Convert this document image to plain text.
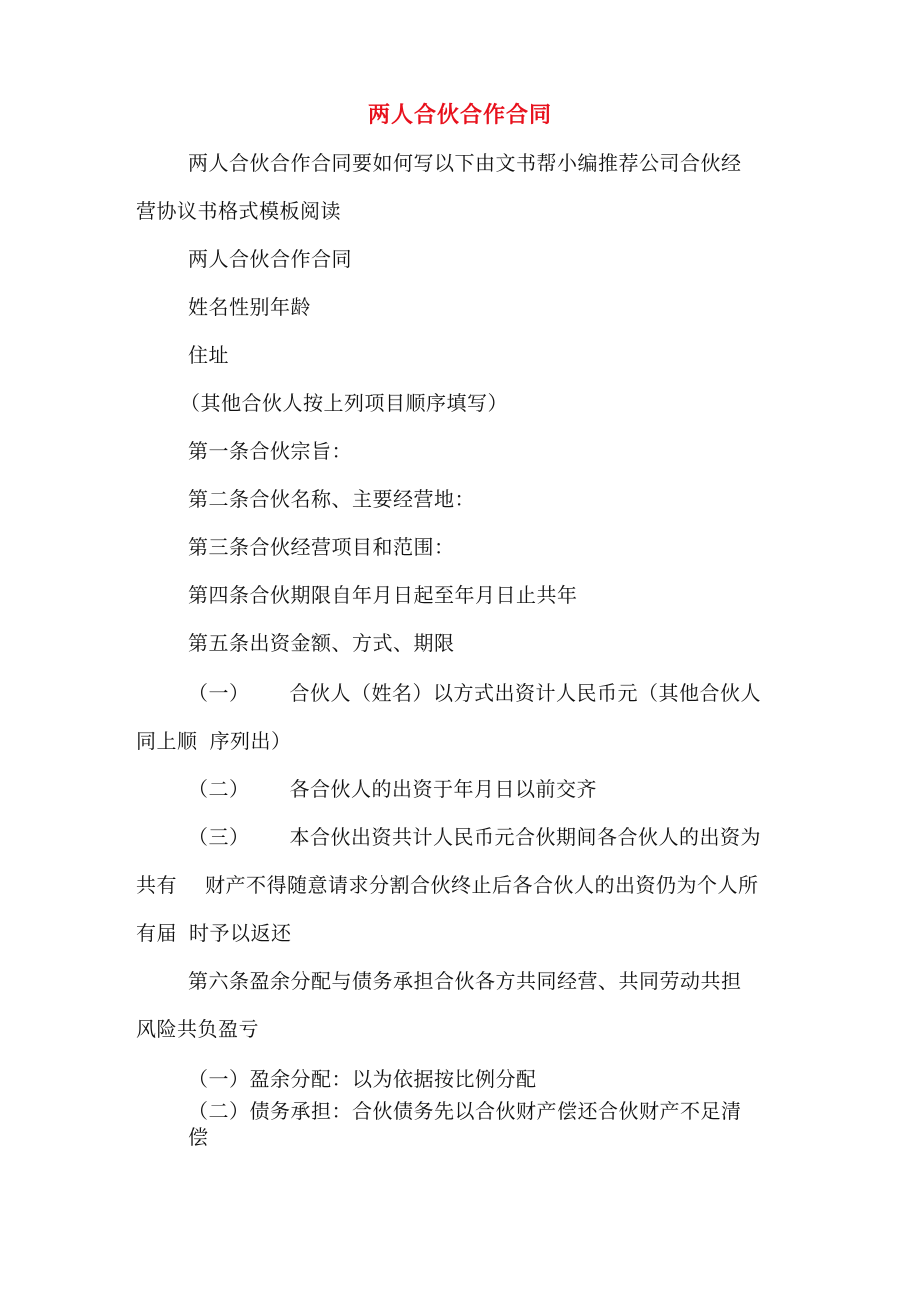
两人合伙合作合同
两人合伙合作合同要如何写以下由文书帮小编推荐公司合伙经
营协议书格式模板阅读
两人合伙合作合同
姓名性别年龄
住址
（其他合伙人按上列项目顺序填写）
第一条合伙宗旨：
第二条合伙名称、主要经营地：
第三条合伙经营项目和范围：
第四条合伙期限自年月日起至年月日止共年
第五条出资金额、方式、期限
（一） 合伙人（姓名）以方式出资计人民币元（其他合伙人
同上顺 序列出）
（二） 各合伙人的出资于年月日以前交齐
（三） 本合伙出资共计人民币元合伙期间各合伙人的出资为
共有 财产不得随意请求分割合伙终止后各合伙人的出资仍为个人所
有届 时予以返还
第六条盈余分配与债务承担合伙各方共同经营、共同劳动共担
风险共负盈亏
（一）盈余分配：以为依据按比例分配
（二）债务承担：合伙债务先以合伙财产偿还合伙财产不足清
偿
